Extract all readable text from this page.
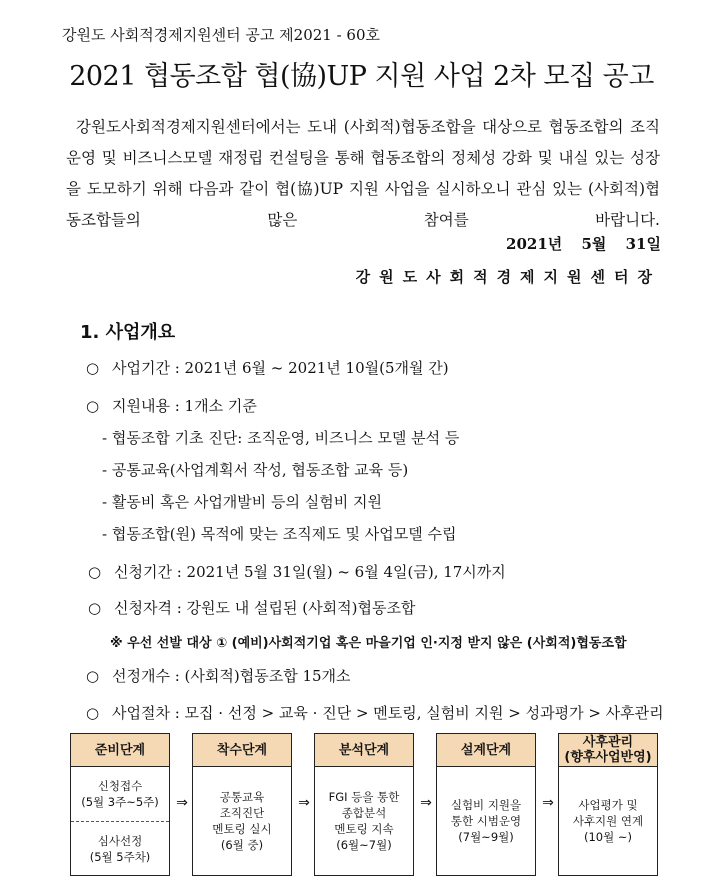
강원도 사회적경제지원센터 공고 제2021 - 60호
2021 협동조합 협(協)UP 지원 사업 2차 모집 공고

강원도사회적경제지원센터에서는 도내 (사회적)협동조합을 대상으로 협동조합의 조직운영 및 비즈니스모델 재정립 컨설팅을 통해 협동조합의 정체성 강화 및 내실 있는 성장을 도모하기 위해 다음과 같이 협(協)UP 지원 사업을 실시하오니 관심 있는 (사회적)협동조합들의 많은 참여를 바랍니다.

2021년 5월 31일
강원도사회적경제지원센터장
1. 사업개요
○ 사업기간 : 2021년 6월 ~ 2021년 10월(5개월 간)
○ 지원내용 : 1개소 기준
- 협동조합 기초 진단: 조직운영, 비즈니스 모델 분석 등
- 공통교육(사업계획서 작성, 협동조합 교육 등)
- 활동비 혹은 사업개발비 등의 실험비 지원
- 협동조합(원) 목적에 맞는 조직제도 및 사업모델 수립
○ 신청기간 : 2021년 5월 31일(월) ~ 6월 4일(금), 17시까지
○ 신청자격 : 강원도 내 설립된 (사회적)협동조합
※ 우선 선발 대상 ① (예비)사회적기업 혹은 마을기업 인·지정 받지 않은 (사회적)협동조합
○ 선정개수 : (사회적)협동조합 15개소
○ 사업절차 : 모집 · 선정 > 교육 · 진단 > 멘토링, 실험비 지원 > 성과평가 > 사후관리
준비단계
신청접수
(5월 3주~5주)
심사선정
(5월 5주차)
⇒
착수단계
공통교육
조직진단
멘토링 실시
(6월 중)
⇒
분석단계
FGI 등을 통한
종합분석
멘토링 지속
(6월~7월)
⇒
설계단계
실험비 지원을
통한 시범운영
(7월~9월)
⇒
사후관리
(향후사업반영)
사업평가 및
사후지원 연계
(10월 ~)
